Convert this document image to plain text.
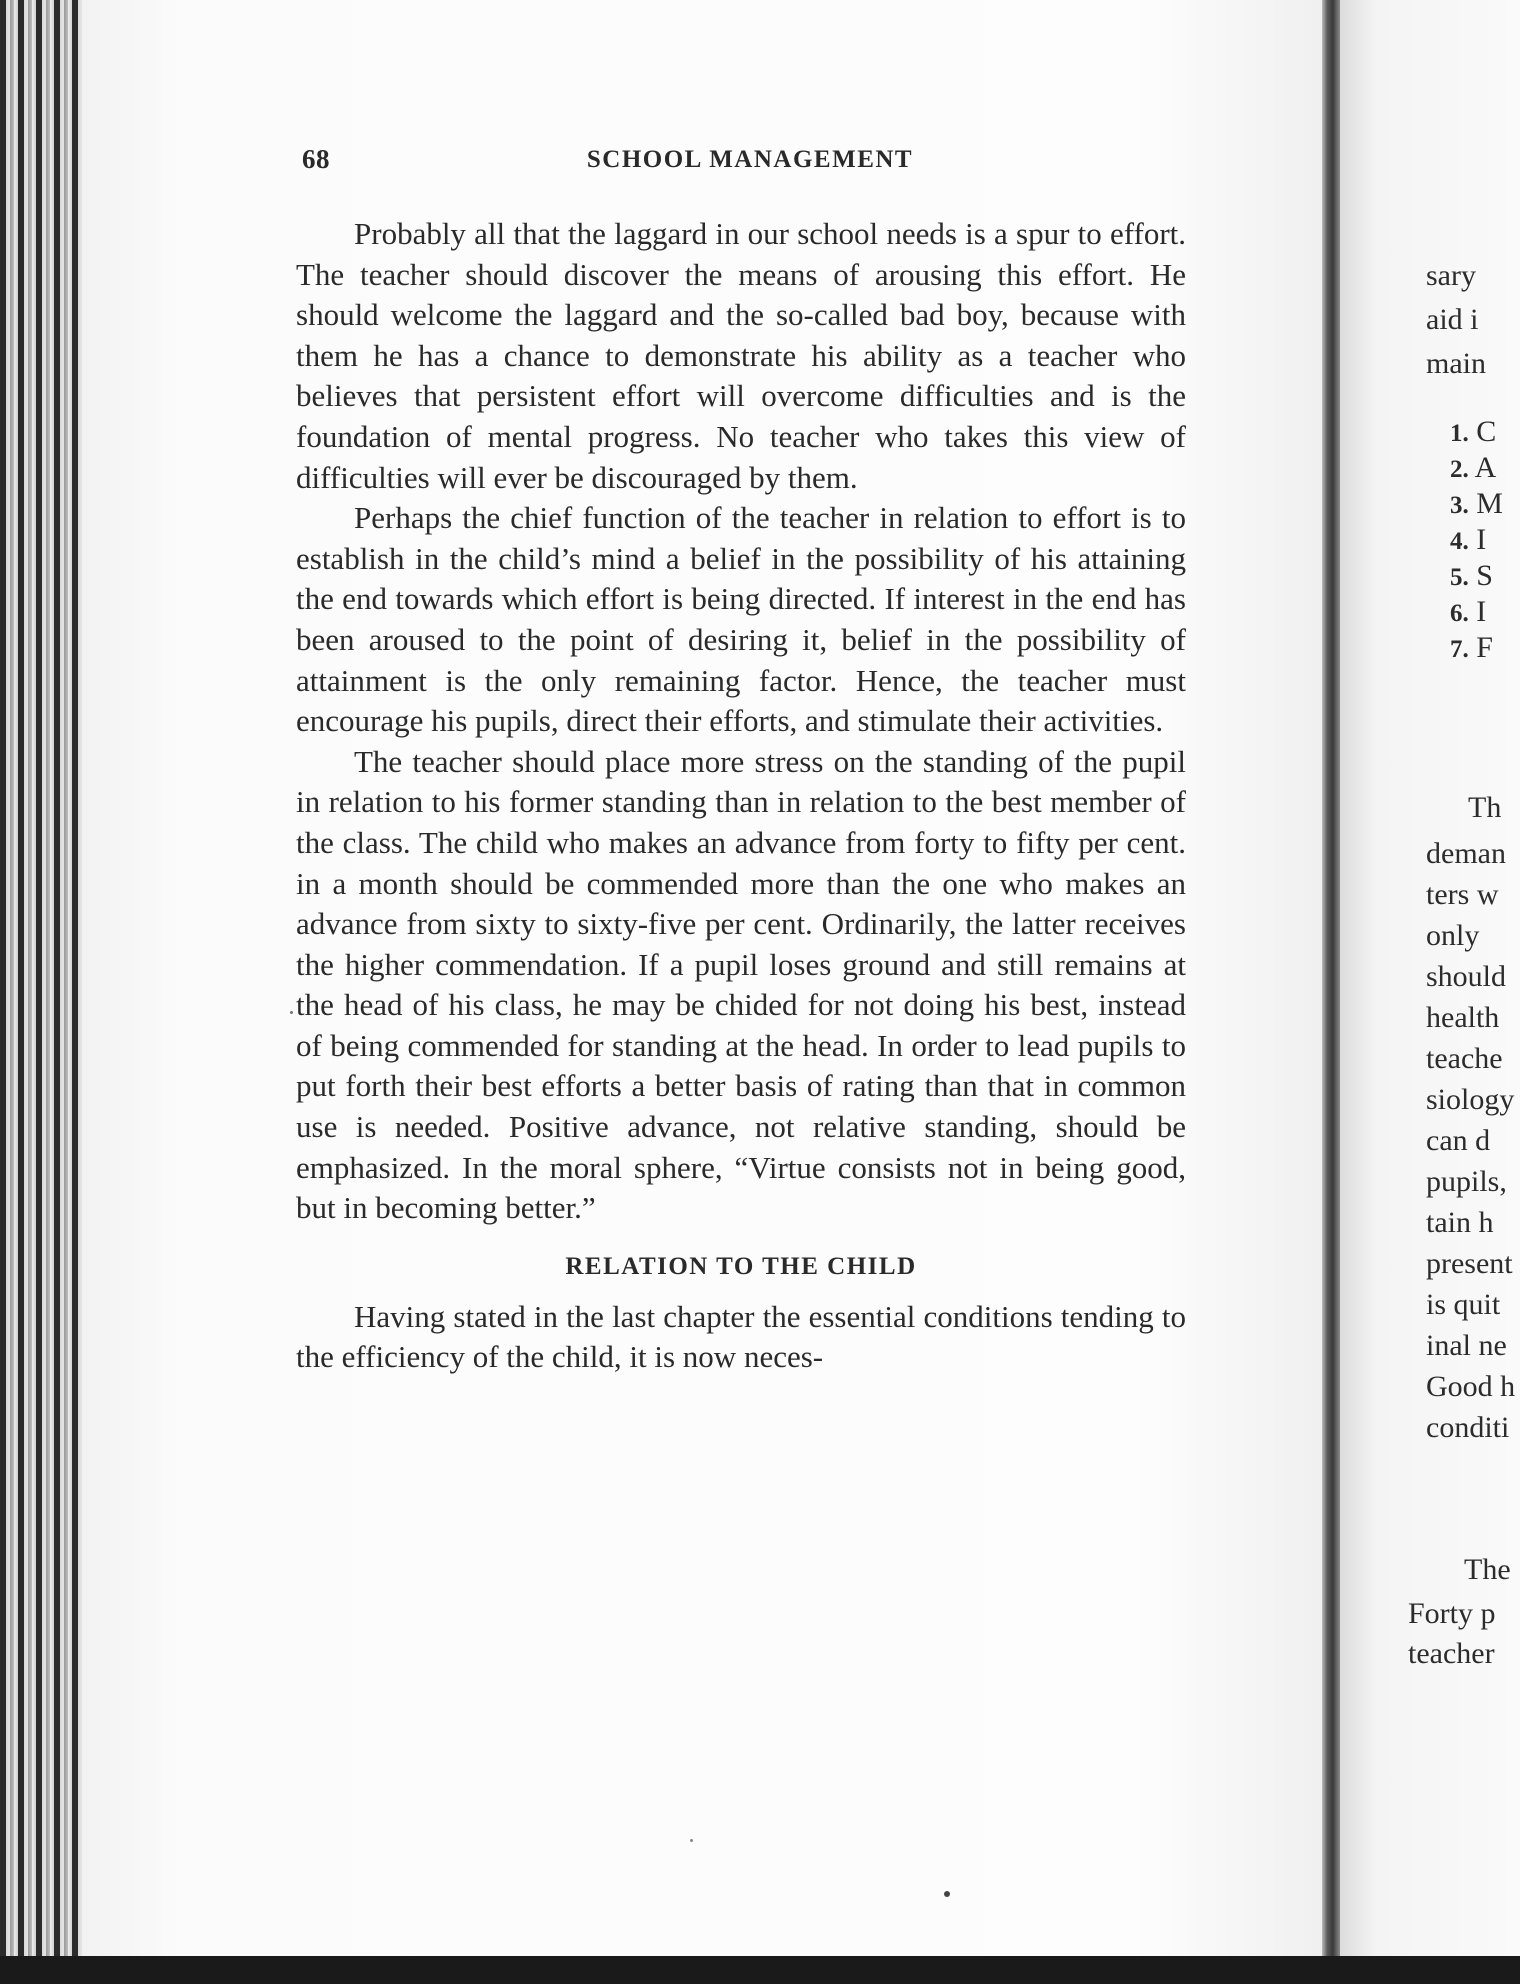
68	SCHOOL MANAGEMENT

Probably all that the laggard in our school needs is a spur to effort. The teacher should discover the means of arousing this effort. He should welcome the laggard and the so-called bad boy, because with them he has a chance to demonstrate his ability as a teacher who believes that persistent effort will overcome difficulties and is the foundation of mental progress. No teacher who takes this view of difficulties will ever be discouraged by them.

Perhaps the chief function of the teacher in relation to effort is to establish in the child’s mind a belief in the possibility of his attaining the end towards which effort is being directed. If interest in the end has been aroused to the point of desiring it, belief in the possibility of attainment is the only remaining factor. Hence, the teacher must encourage his pupils, direct their efforts, and stimulate their activities.

The teacher should place more stress on the standing of the pupil in relation to his former standing than in relation to the best member of the class. The child who makes an advance from forty to fifty per cent. in a month should be commended more than the one who makes an advance from sixty to sixty-five per cent. Ordinarily, the latter receives the higher commendation. If a pupil loses ground and still remains at the head of his class, he may be chided for not doing his best, instead of being commended for standing at the head. In order to lead pupils to put forth their best efforts a better basis of rating than that in common use is needed. Positive advance, not relative standing, should be emphasized. In the moral sphere, “Virtue consists not in being good, but in becoming better.”

RELATION TO THE CHILD

Having stated in the last chapter the essential conditions tending to the efficiency of the child, it is now neces-

sary
aid i
main
1. C
2. A
3. M
4. I
5. S
6. I
7. F
Th
deman
ters w
only
should
health
teache
siology
can d
pupils,
tain h
present
is quit
inal ne
Good h
conditi
The
Forty p
teacher
